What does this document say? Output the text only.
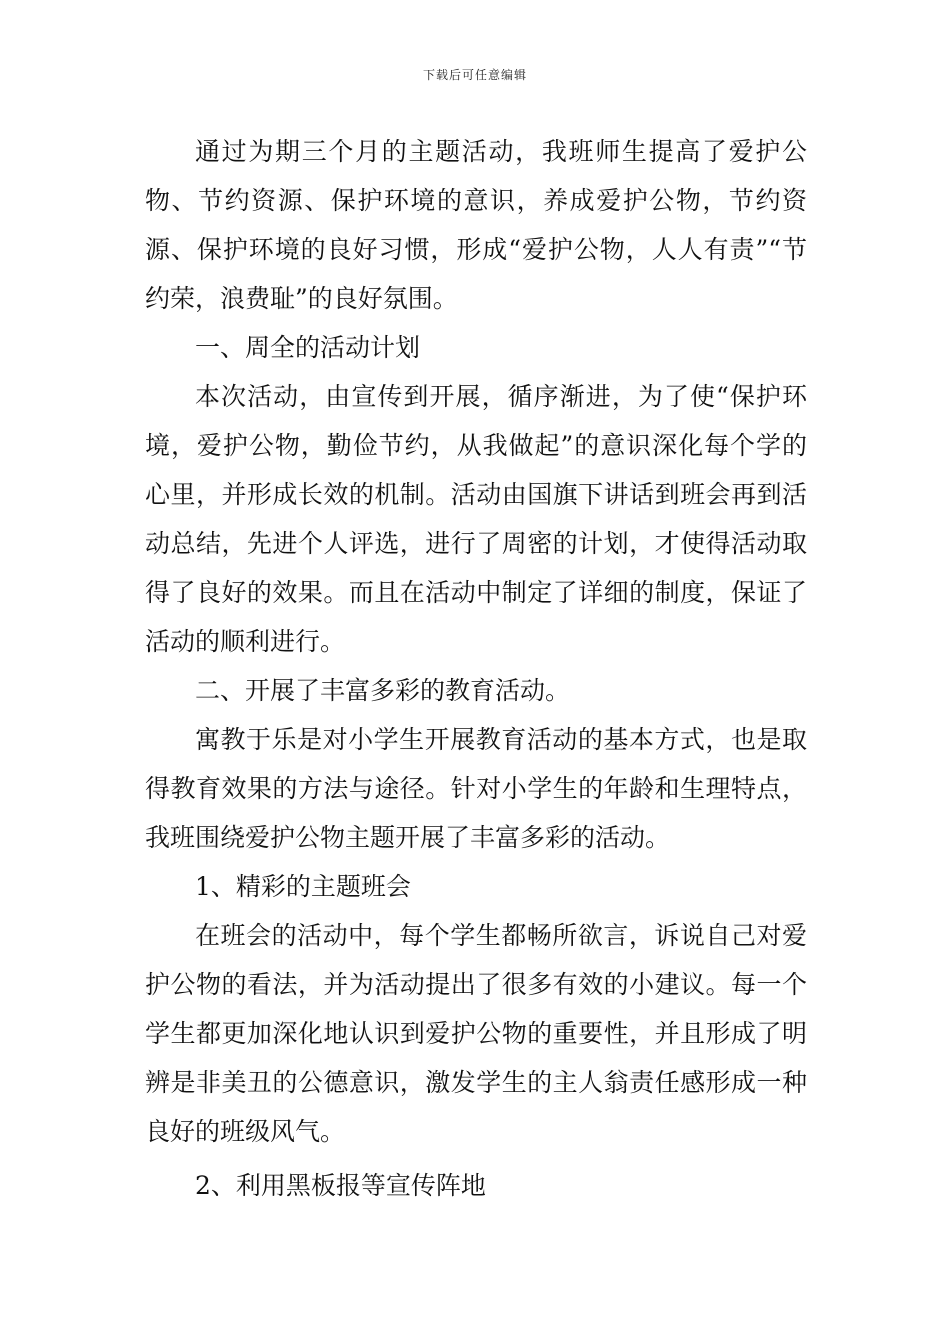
下载后可任意编辑

通过为期三个月的主题活动，我班师生提高了爱护公物、节约资源、保护环境的意识，养成爱护公物，节约资源、保护环境的良好习惯，形成“爱护公物，人人有责”“节约荣，浪费耻”的良好氛围。

一、周全的活动计划

本次活动，由宣传到开展，循序渐进，为了使“保护环境，爱护公物，勤俭节约，从我做起”的意识深化每个学的心里，并形成长效的机制。活动由国旗下讲话到班会再到活动总结，先进个人评选，进行了周密的计划，才使得活动取得了良好的效果。而且在活动中制定了详细的制度，保证了活动的顺利进行。

二、开展了丰富多彩的教育活动。

寓教于乐是对小学生开展教育活动的基本方式，也是取得教育效果的方法与途径。针对小学生的年龄和生理特点，我班围绕爱护公物主题开展了丰富多彩的活动。

1、精彩的主题班会

在班会的活动中，每个学生都畅所欲言，诉说自己对爱护公物的看法，并为活动提出了很多有效的小建议。每一个学生都更加深化地认识到爱护公物的重要性，并且形成了明辨是非美丑的公德意识，激发学生的主人翁责任感形成一种良好的班级风气。

2、利用黑板报等宣传阵地
